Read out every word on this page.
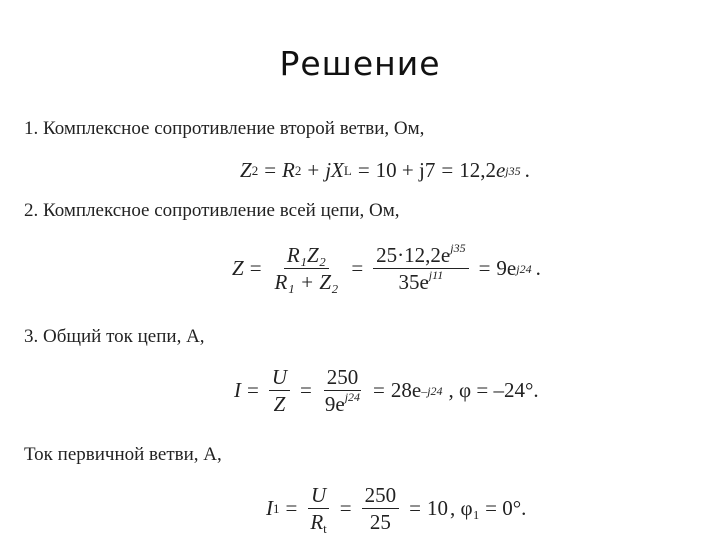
Решение
1. Комплексное сопротивление второй ветви, Ом,
Z 2 = R 2 + jX L = 10 + j7 = 12,2 e j35 .
2. Комплексное сопротивление всей цепи, Ом,
$Z = \frac{\text{R₁Z₂}}{\text{R₁ + Z₂}} = \frac{25\cdot 12,2e^{j35}}{35e^{j11}} = 9e$ j24 .
3. Общий ток цепи, А,
$I = \frac{U}{Z} = \frac{250}{9e^{j24}} = 28e$ –j24 , φ = –24°.
Ток первичной ветви, А,
I $1 = \frac{U}{R_t} = \frac{250}{25} = 10$ , φ₁ = 0°.
